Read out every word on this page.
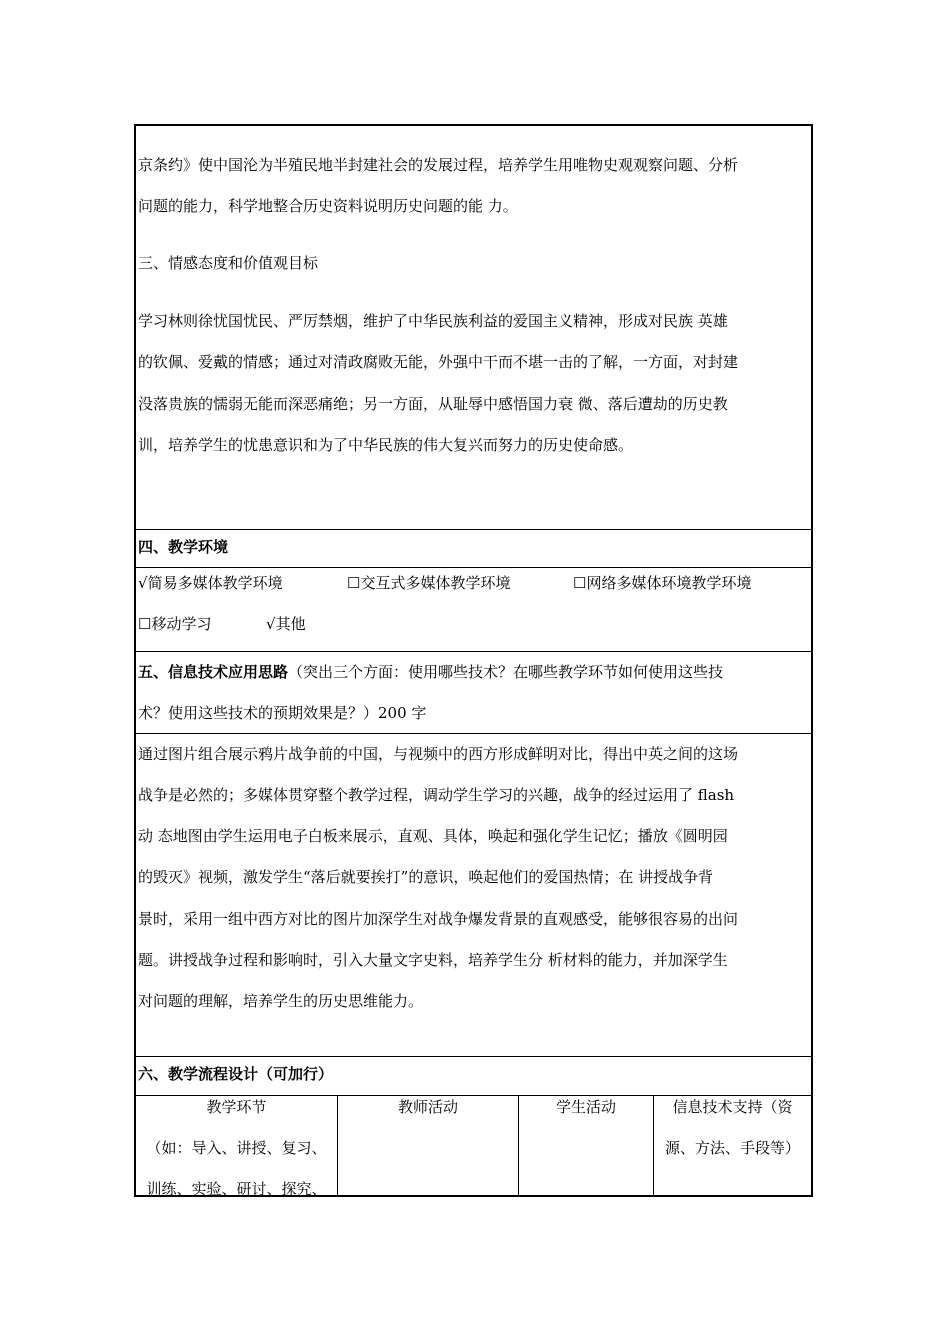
京条约》使中国沦为半殖民地半封建社会的发展过程，培养学生用唯物史观观察问题、分析
问题的能力，科学地整合历史资料说明历史问题的能 力。
三、情感态度和价值观目标
学习林则徐忧国忧民、严厉禁烟，维护了中华民族利益的爱国主义精神，形成对民族 英雄
的钦佩、爱戴的情感；通过对清政腐败无能，外强中干而不堪一击的了解，一方面，对封建
没落贵族的懦弱无能而深恶痛绝；另一方面，从耻辱中感悟国力衰 微、落后遭劫的历史教
训，培养学生的忧患意识和为了中华民族的伟大复兴而努力的历史使命感。
四、教学环境
√简易多媒体教学环境	☐交互式多媒体教学环境	☐网络多媒体环境教学环境
☐移动学习	√其他
五、信息技术应用思路（突出三个方面：使用哪些技术？在哪些教学环节如何使用这些技
术？使用这些技术的预期效果是？）200 字
通过图片组合展示鸦片战争前的中国，与视频中的西方形成鲜明对比，得出中英之间的这场
战争是必然的；多媒体贯穿整个教学过程，调动学生学习的兴趣，战争的经过运用了 flash
动 态地图由学生运用电子白板来展示，直观、具体，唤起和强化学生记忆；播放《圆明园
的毁灭》视频，激发学生“落后就要挨打”的意识，唤起他们的爱国热情；在 讲授战争背
景时，采用一组中西方对比的图片加深学生对战争爆发背景的直观感受，能够很容易的出问
题。讲授战争过程和影响时，引入大量文字史料，培养学生分 析材料的能力，并加深学生
对问题的理解，培养学生的历史思维能力。
六、教学流程设计（可加行）
教学环节
（如：导入、讲授、复习、
训练、实验、研讨、探究、
教师活动	学生活动	信息技术支持（资
源、方法、手段等）
